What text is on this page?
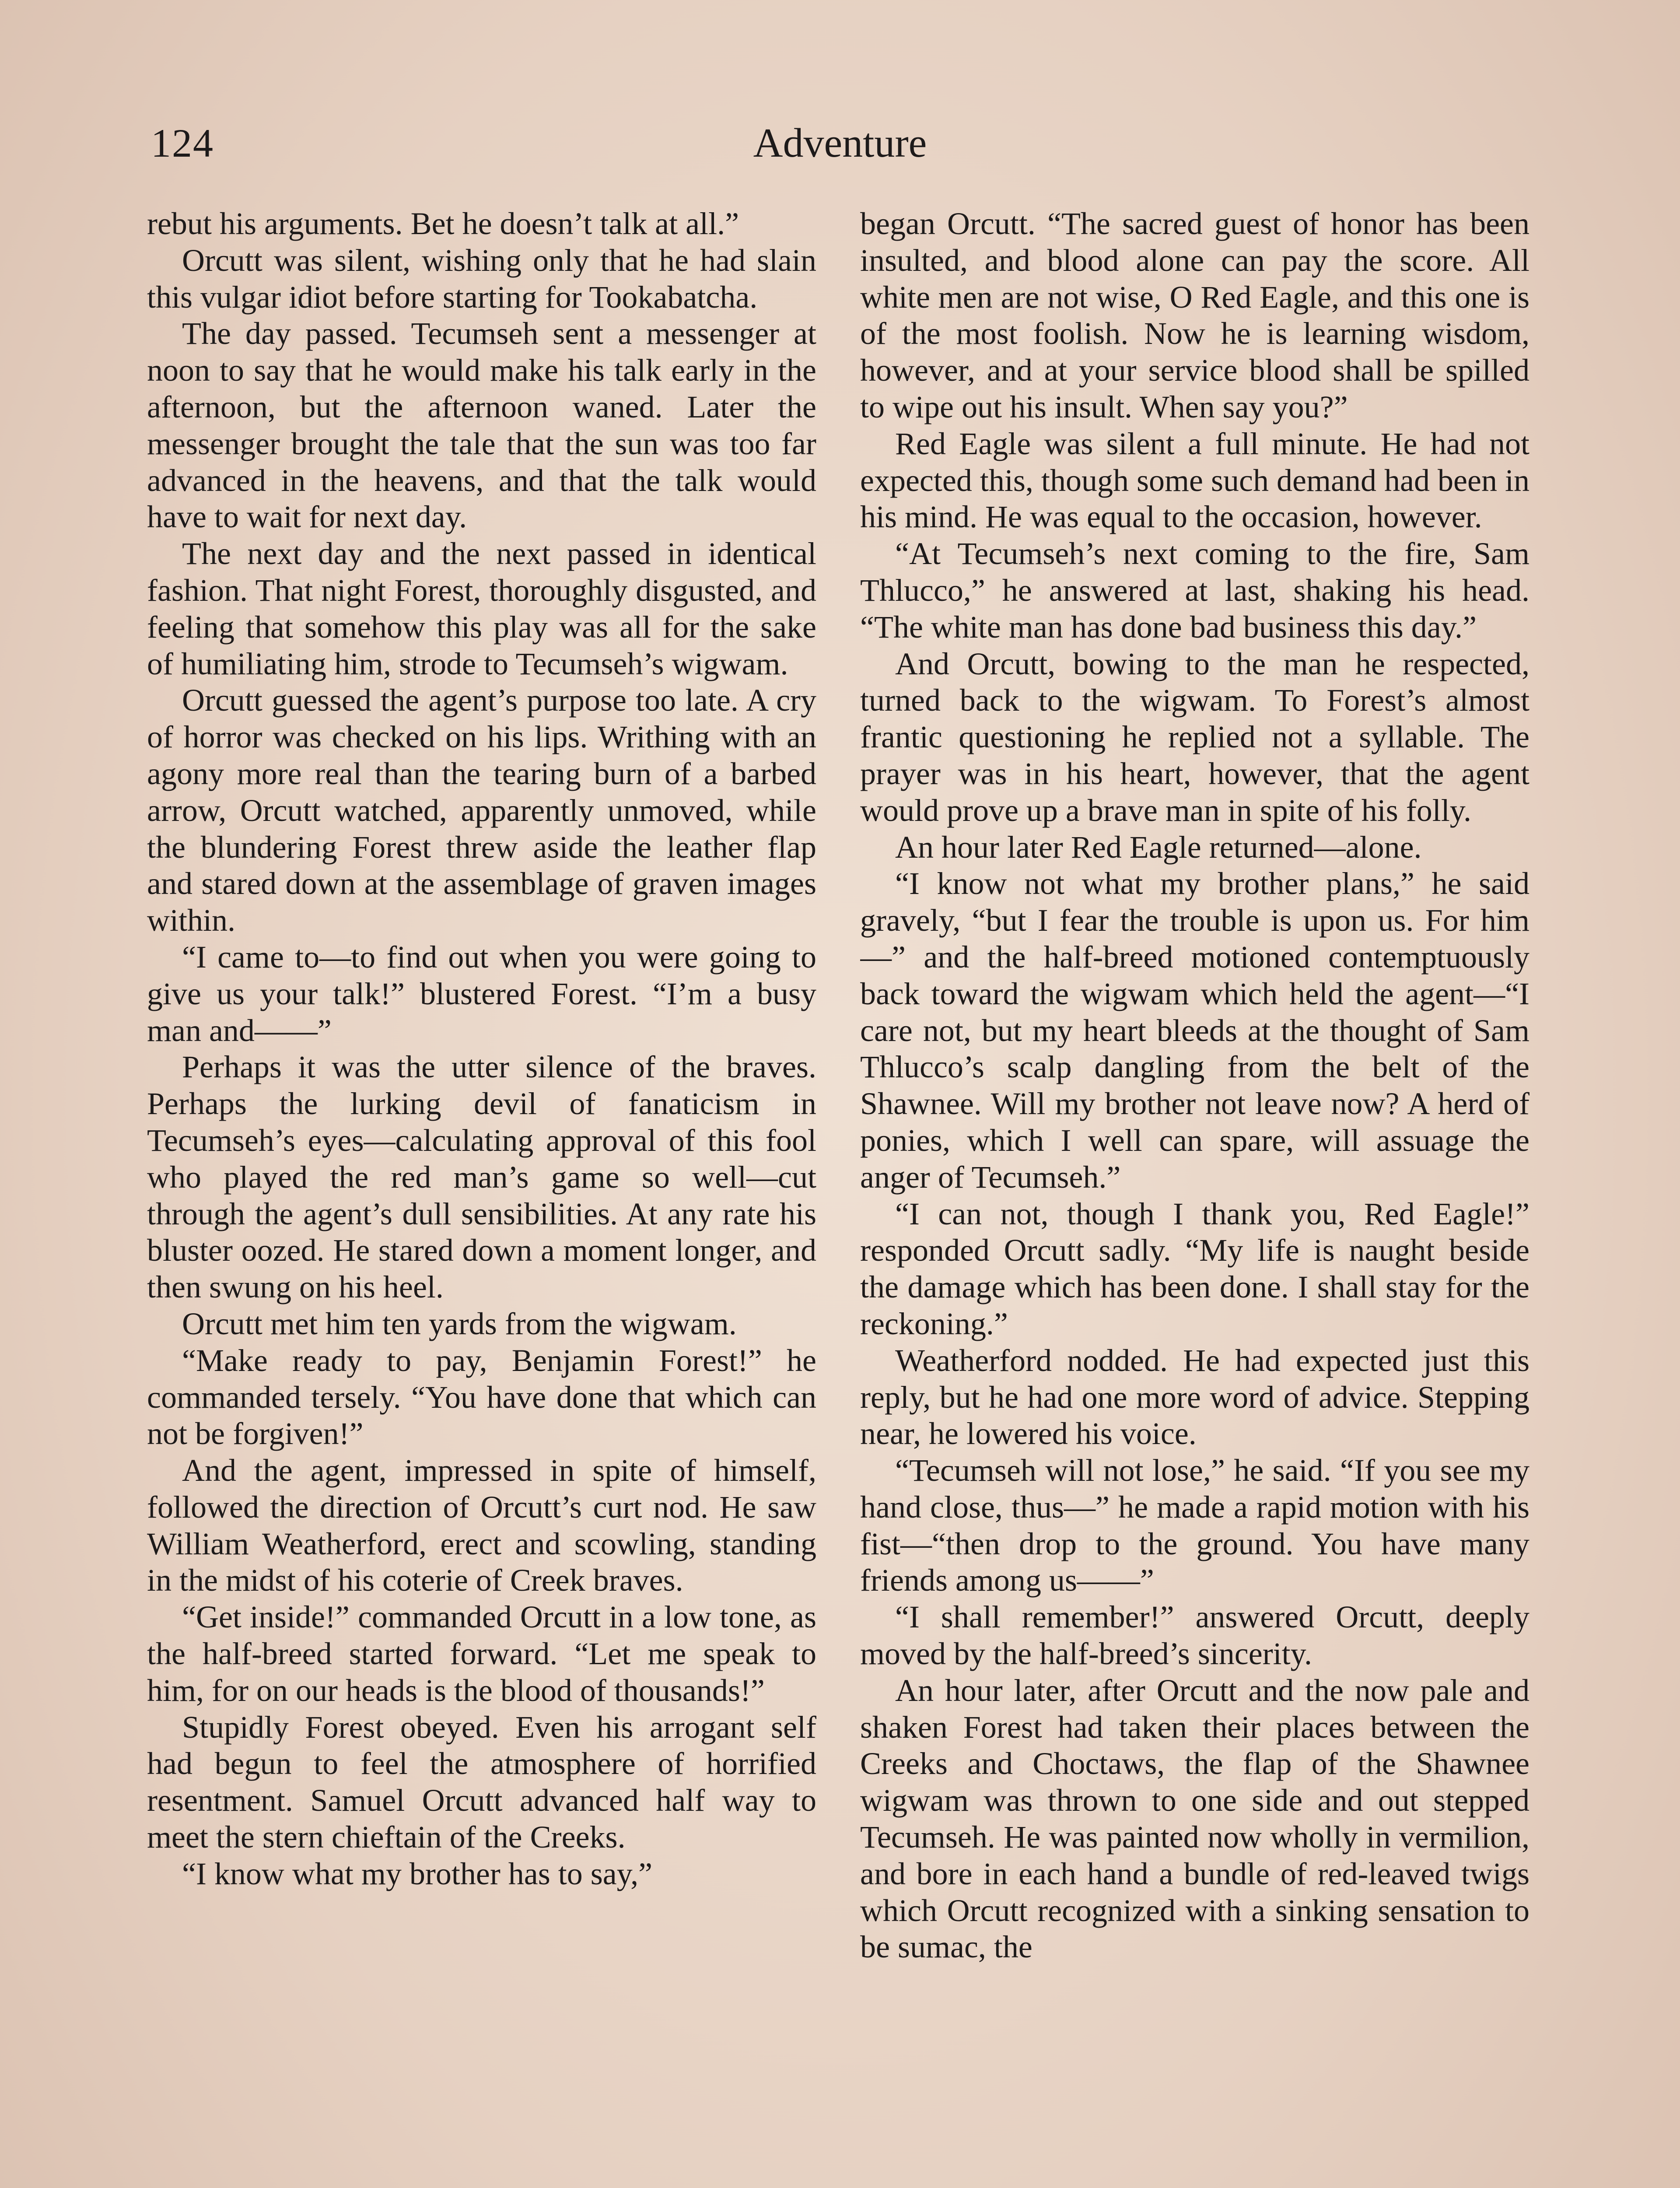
124	Adventure

rebut his arguments. Bet he doesn’t talk at all.”

Orcutt was silent, wishing only that he had slain this vulgar idiot before starting for Tookabatcha.

The day passed. Tecumseh sent a messenger at noon to say that he would make his talk early in the afternoon, but the afternoon waned. Later the messenger brought the tale that the sun was too far advanced in the heavens, and that the talk would have to wait for next day.

The next day and the next passed in identical fashion. That night Forest, thoroughly disgusted, and feeling that somehow this play was all for the sake of humiliating him, strode to Tecumseh’s wigwam.

Orcutt guessed the agent’s purpose too late. A cry of horror was checked on his lips. Writhing with an agony more real than the tearing burn of a barbed arrow, Orcutt watched, apparently unmoved, while the blundering Forest threw aside the leather flap and stared down at the assemblage of graven images within.

“I came to—to find out when you were going to give us your talk!” blustered Forest. “I’m a busy man and——”

Perhaps it was the utter silence of the braves. Perhaps the lurking devil of fanaticism in Tecumseh’s eyes—calculating approval of this fool who played the red man’s game so well—cut through the agent’s dull sensibilities. At any rate his bluster oozed. He stared down a moment longer, and then swung on his heel.

Orcutt met him ten yards from the wigwam.

“Make ready to pay, Benjamin Forest!” he commanded tersely. “You have done that which can not be forgiven!”

And the agent, impressed in spite of himself, followed the direction of Orcutt’s curt nod. He saw William Weatherford, erect and scowling, standing in the midst of his coterie of Creek braves.

“Get inside!” commanded Orcutt in a low tone, as the half-breed started forward. “Let me speak to him, for on our heads is the blood of thousands!”

Stupidly Forest obeyed. Even his arrogant self had begun to feel the atmosphere of horrified resentment. Samuel Orcutt advanced half way to meet the stern chieftain of the Creeks.

“I know what my brother has to say,”

began Orcutt. “The sacred guest of honor has been insulted, and blood alone can pay the score. All white men are not wise, O Red Eagle, and this one is of the most foolish. Now he is learning wisdom, however, and at your service blood shall be spilled to wipe out his insult. When say you?”

Red Eagle was silent a full minute. He had not expected this, though some such demand had been in his mind. He was equal to the occasion, however.

“At Tecumseh’s next coming to the fire, Sam Thlucco,” he answered at last, shaking his head. “The white man has done bad business this day.”

And Orcutt, bowing to the man he respected, turned back to the wigwam. To Forest’s almost frantic questioning he replied not a syllable. The prayer was in his heart, however, that the agent would prove up a brave man in spite of his folly.

An hour later Red Eagle returned—alone.

“I know not what my brother plans,” he said gravely, “but I fear the trouble is upon us. For him—” and the half-breed motioned contemptuously back toward the wigwam which held the agent—“I care not, but my heart bleeds at the thought of Sam Thlucco’s scalp dangling from the belt of the Shawnee. Will my brother not leave now? A herd of ponies, which I well can spare, will assuage the anger of Tecumseh.”

“I can not, though I thank you, Red Eagle!” responded Orcutt sadly. “My life is naught beside the damage which has been done. I shall stay for the reckoning.”

Weatherford nodded. He had expected just this reply, but he had one more word of advice. Stepping near, he lowered his voice.

“Tecumseh will not lose,” he said. “If you see my hand close, thus—” he made a rapid motion with his fist—“then drop to the ground. You have many friends among us——”

“I shall remember!” answered Orcutt, deeply moved by the half-breed’s sincerity.

An hour later, after Orcutt and the now pale and shaken Forest had taken their places between the Creeks and Choctaws, the flap of the Shawnee wigwam was thrown to one side and out stepped Tecumseh. He was painted now wholly in vermilion, and bore in each hand a bundle of red-leaved twigs which Orcutt recognized with a sinking sensation to be sumac, the
